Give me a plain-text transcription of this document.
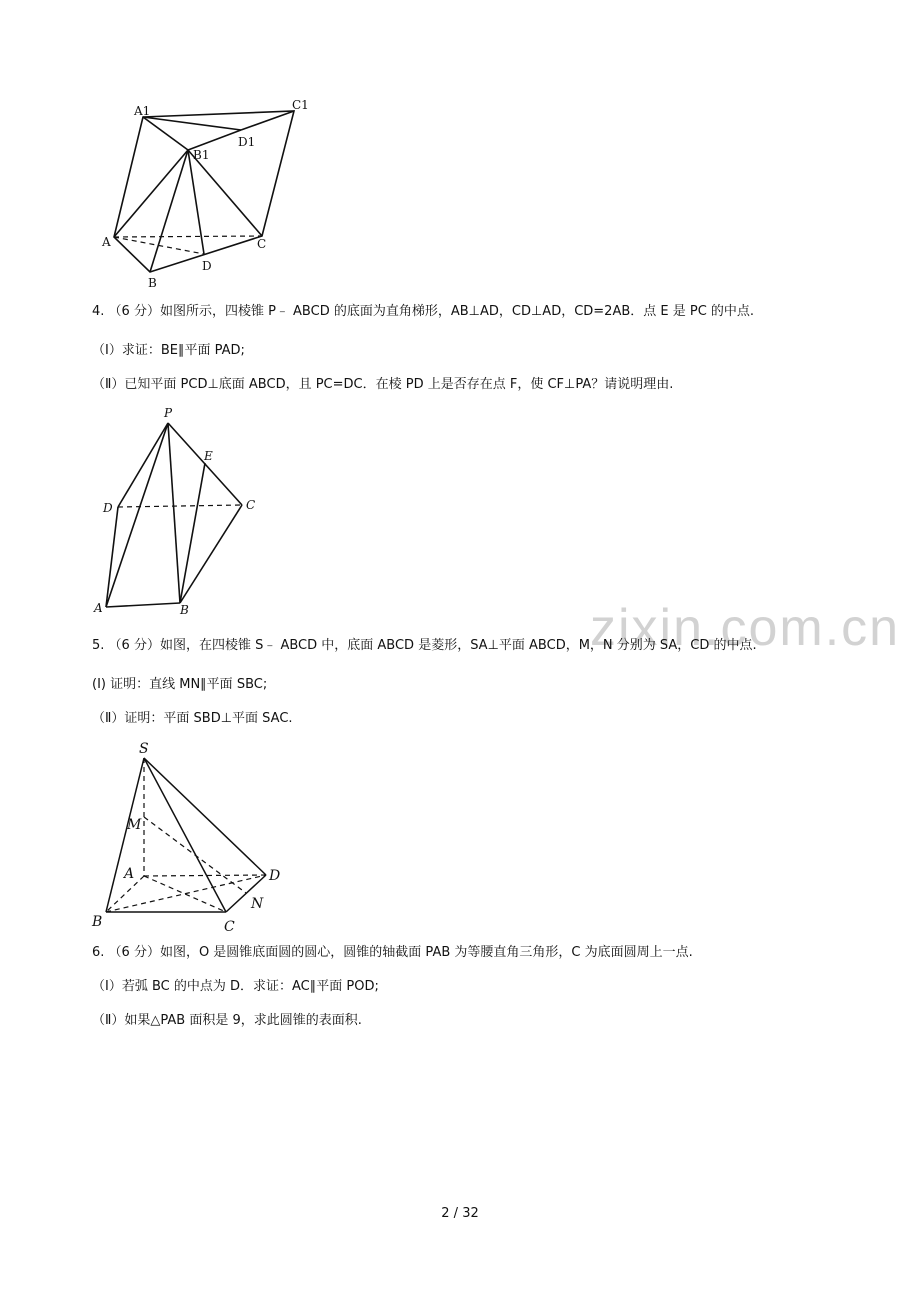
A1	C1
D1
B1
A	C
B
D
4. （6 分）如图所示，四棱锥 P﹣ ABCD 的底面为直角梯形，AB⊥AD，CD⊥AD，CD=2AB．点 E 是 PC 的中点.
（Ⅰ）求证：BE∥平面 PAD;
（Ⅱ）已知平面 PCD⊥底面 ABCD，且 PC=DC．在棱 PD 上是否存在点 F，使 CF⊥PA？请说明理由.
P
E
D	C
A	B	zixin.com.cn
5. （6 分）如图，在四棱锥 S﹣ ABCD 中，底面 ABCD 是菱形，SA⊥平面 ABCD，M，N 分别为 SA，CD 的中点.
(Ⅰ) 证明：直线 MN∥平面 SBC;
（Ⅱ）证明：平面 SBD⊥平面 SAC.
S
M
A	D
N
B	C
6. （6 分）如图，O 是圆锥底面圆的圆心，圆锥的轴截面 PAB 为等腰直角三角形，C 为底面圆周上一点.
（Ⅰ）若弧 BC 的中点为 D．求证：AC∥平面 POD;
（Ⅱ）如果△PAB 面积是 9，求此圆锥的表面积.
2 / 32
